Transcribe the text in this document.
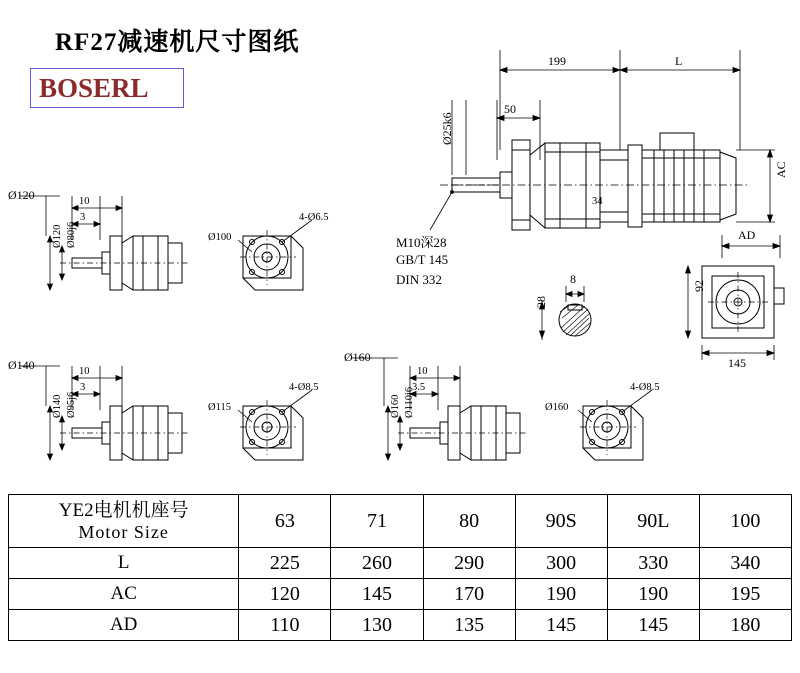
RF27减速机尺寸图纸
BOSERL
199	L
50
Ø25k6
34
AC
AD
M10深28
GB/T 145
DIN 332	8
28
92
145
Ø120	10
3
Ø80j6
Ø120
4-Ø6.5
Ø100
Ø140	10
3
Ø95j6
Ø140
4-Ø8.5
Ø115
Ø160
10
3.5
Ø110j6
Ø160
4-Ø8.5
Ø160
YE2电机机座号
Motor Size	63	71	80	90S	90L	100
L	225	260	290	300	330	340
AC	120	145	170	190	190	195
AD	110	130	135	145	145	180
